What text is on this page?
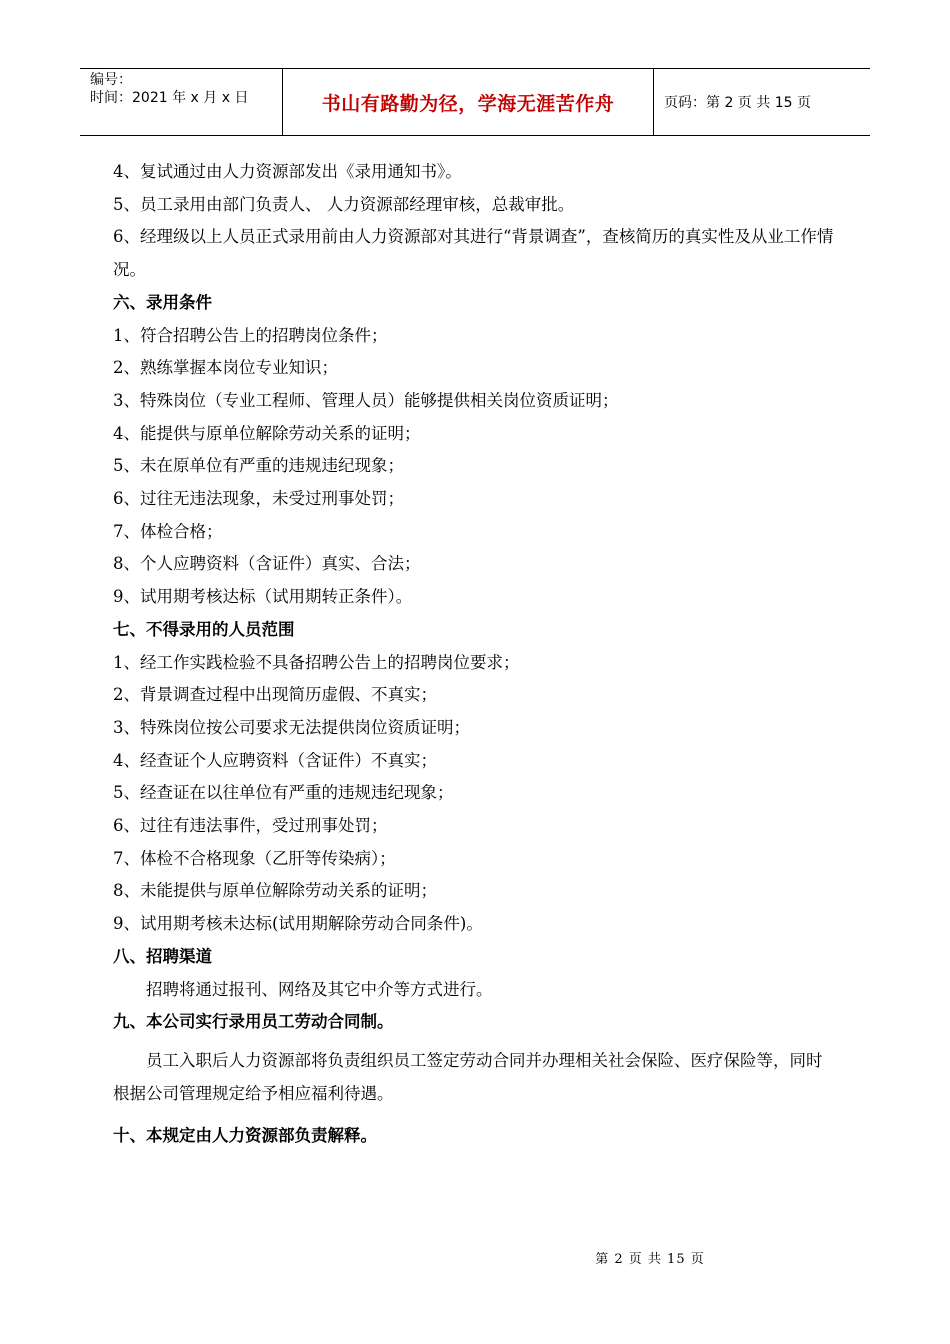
编号：
时间：2021 年 x 月 x 日	书山有路勤为径，学海无涯苦作舟	页码：第 2 页 共 15 页
4、复试通过由人力资源部发出《录用通知书》。
5、员工录用由部门负责人、 人力资源部经理审核，总裁审批。
6、经理级以上人员正式录用前由人力资源部对其进行“背景调查”，查核简历的真实性及从业工作情况。
六、录用条件
1、符合招聘公告上的招聘岗位条件；
2、熟练掌握本岗位专业知识；
3、特殊岗位（专业工程师、管理人员）能够提供相关岗位资质证明；
4、能提供与原单位解除劳动关系的证明；
5、未在原单位有严重的违规违纪现象；
6、过往无违法现象，未受过刑事处罚；
7、体检合格；
8、个人应聘资料（含证件）真实、合法；
9、试用期考核达标（试用期转正条件）。
七、不得录用的人员范围
1、经工作实践检验不具备招聘公告上的招聘岗位要求；
2、背景调查过程中出现简历虚假、不真实；
3、特殊岗位按公司要求无法提供岗位资质证明；
4、经查证个人应聘资料（含证件）不真实；
5、经查证在以往单位有严重的违规违纪现象；
6、过往有违法事件，受过刑事处罚；
7、体检不合格现象（乙肝等传染病）；
8、未能提供与原单位解除劳动关系的证明；
9、试用期考核未达标(试用期解除劳动合同条件)。
八、招聘渠道
招聘将通过报刊、网络及其它中介等方式进行。
九、本公司实行录用员工劳动合同制。
员工入职后人力资源部将负责组织员工签定劳动合同并办理相关社会保险、医疗保险等，同时根据公司管理规定给予相应福利待遇。
十、本规定由人力资源部负责解释。
第 2 页 共 15 页
